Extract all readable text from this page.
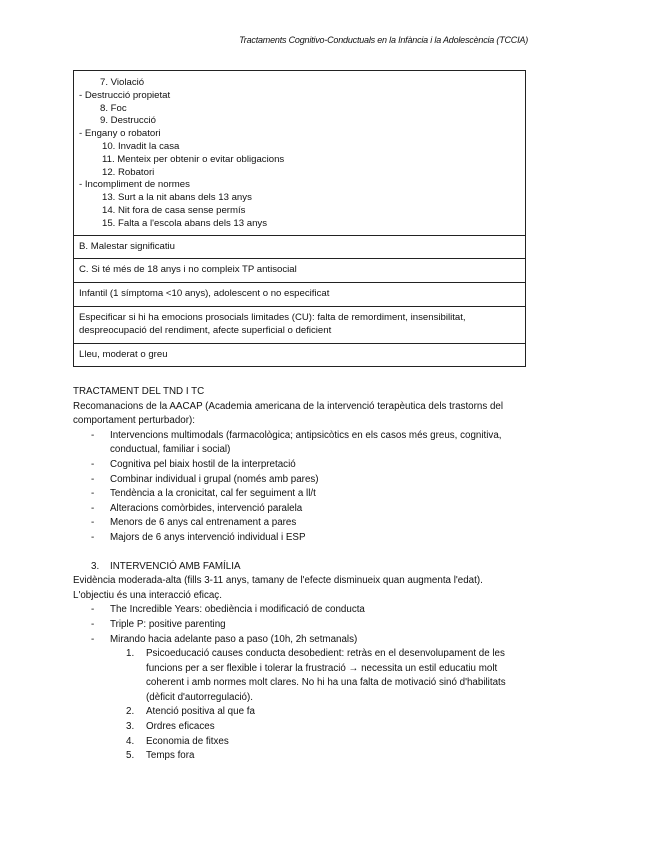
Tractaments Cognitivo-Conductuals en la Infància i la Adolescència (TCCIA)
7. Violació
- Destrucció propietat
8. Foc
9. Destrucció
- Engany o robatori
10. Invadit la casa
11. Menteix per obtenir o evitar obligacions
12. Robatori
- Incompliment de normes
13. Surt a la nit abans dels 13 anys
14. Nit fora de casa sense permís
15. Falta a l'escola abans dels 13 anys

B. Malestar significatiu
C. Si té més de 18 anys i no compleix TP antisocial
Infantil (1 símptoma <10 anys), adolescent o no especificat
Especificar si hi ha emocions prosocials limitades (CU): falta de remordiment, insensibilitat, despreocupació del rendiment, afecte superficial o deficient
Lleu, moderat o greu

TRACTAMENT DEL TND I TC

Recomanacions de la AACAP (Academia americana de la intervenció terapèutica dels trastorns del comportament perturbador):

- Intervencions multimodals (farmacològica; antipsicòtics en els casos més greus, cognitiva, conductual, familiar i social)
- Cognitiva pel biaix hostil de la interpretació
- Combinar individual i grupal (només amb pares)
- Tendència a la cronicitat, cal fer seguiment a ll/t
- Alteracions comòrbides, intervenció paralela
- Menors de 6 anys cal entrenament a pares
- Majors de 6 anys intervenció individual i ESP
3. INTERVENCIÓ AMB FAMÍLIA

Evidència moderada-alta (fills 3-11 anys, tamany de l'efecte disminueix quan augmenta l'edat). L'objectiu és una interacció eficaç.

- The Incredible Years: obediència i modificació de conducta
- Triple P: positive parenting
- Mirando hacia adelante paso a paso (10h, 2h setmanals)
1. Psicoeducació causes conducta desobedient: retràs en el desenvolupament de les funcions per a ser flexible i tolerar la frustració → necessita un estil educatiu molt coherent i amb normes molt clares. No hi ha una falta de motivació sinó d'habilitats (dèficit d'autorregulació).
2. Atenció positiva al que fa
3. Ordres eficaces
4. Economia de fitxes
5. Temps fora
